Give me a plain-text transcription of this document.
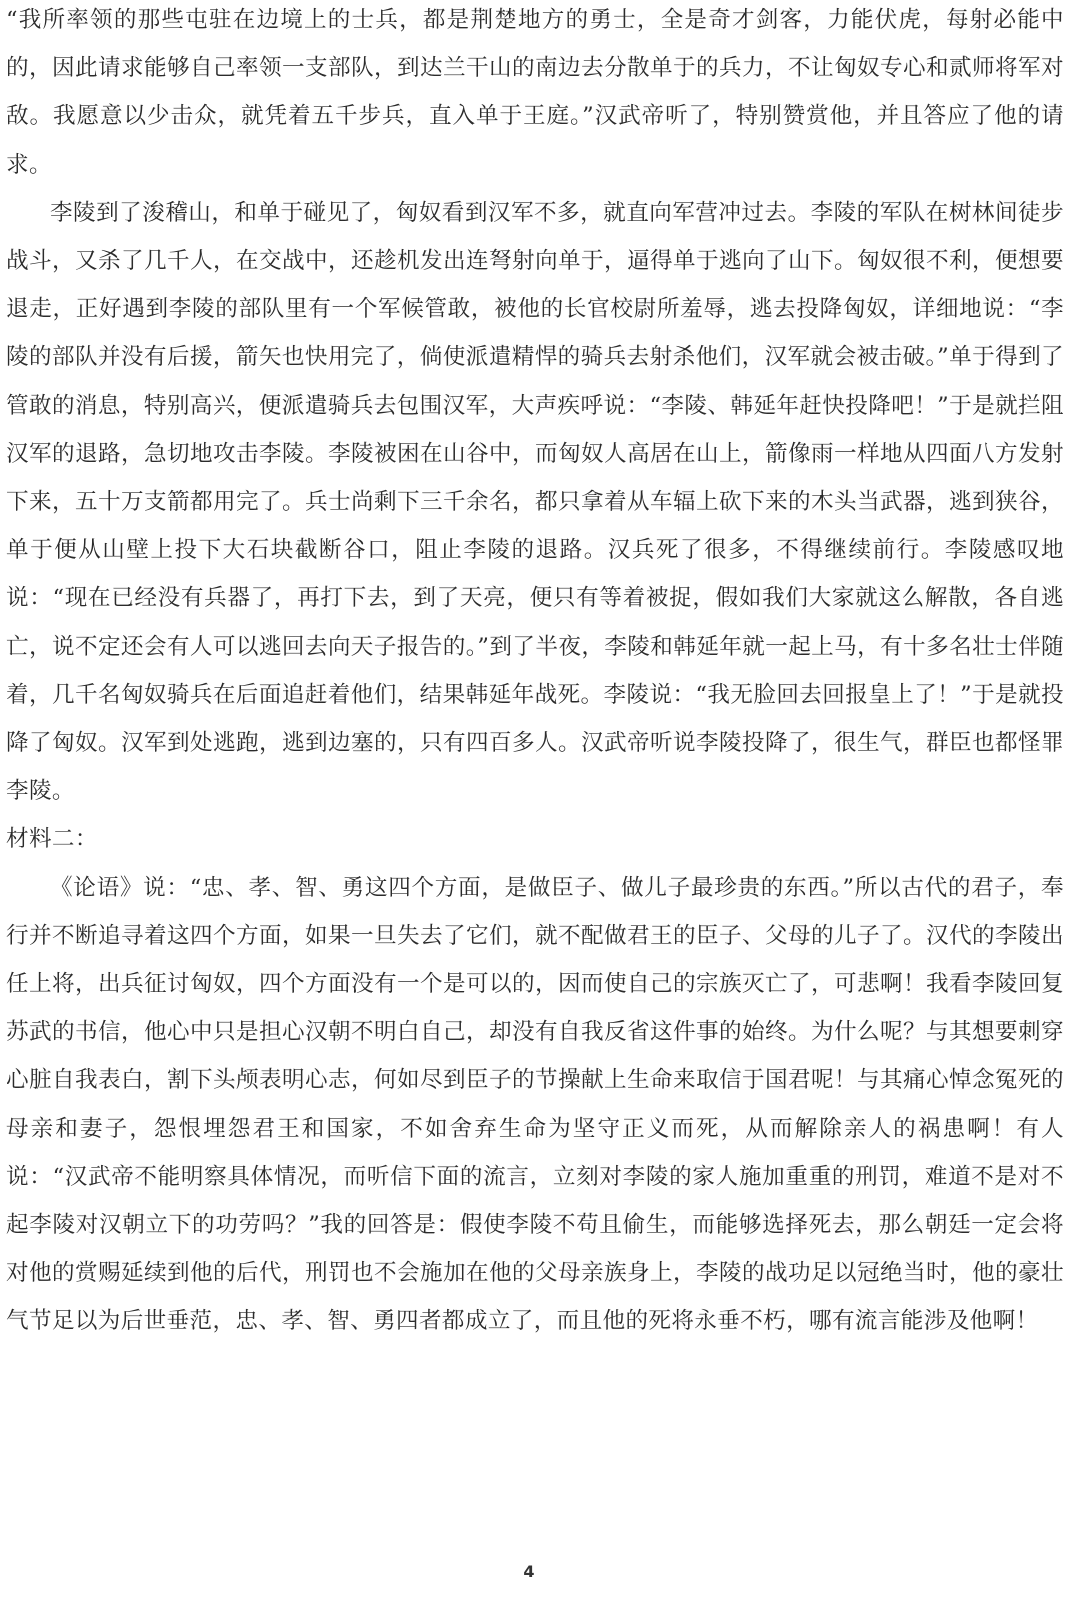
“我所率领的那些屯驻在边境上的士兵，都是荆楚地方的勇士，全是奇才剑客，力能伏虎，每射必能中的，因此请求能够自己率领一支部队，到达兰干山的南边去分散单于的兵力，不让匈奴专心和贰师将军对敌。我愿意以少击众，就凭着五千步兵，直入单于王庭。”汉武帝听了，特别赞赏他，并且答应了他的请求。

李陵到了浚稽山，和单于碰见了，匈奴看到汉军不多，就直向军营冲过去。李陵的军队在树林间徒步战斗，又杀了几千人，在交战中，还趁机发出连弩射向单于，逼得单于逃向了山下。匈奴很不利，便想要退走，正好遇到李陵的部队里有一个军候管敢，被他的长官校尉所羞辱，逃去投降匈奴，详细地说：“李陵的部队并没有后援，箭矢也快用完了，倘使派遣精悍的骑兵去射杀他们，汉军就会被击破。”单于得到了管敢的消息，特别高兴，便派遣骑兵去包围汉军，大声疾呼说：“李陵、韩延年赶快投降吧！”于是就拦阻汉军的退路，急切地攻击李陵。李陵被困在山谷中，而匈奴人高居在山上，箭像雨一样地从四面八方发射下来，五十万支箭都用完了。兵士尚剩下三千余名，都只拿着从车辐上砍下来的木头当武器，逃到狭谷，单于便从山壁上投下大石块截断谷口，阻止李陵的退路。汉兵死了很多，不得继续前行。李陵感叹地说：“现在已经没有兵器了，再打下去，到了天亮，便只有等着被捉，假如我们大家就这么解散，各自逃亡，说不定还会有人可以逃回去向天子报告的。”到了半夜，李陵和韩延年就一起上马，有十多名壮士伴随着，几千名匈奴骑兵在后面追赶着他们，结果韩延年战死。李陵说：“我无脸回去回报皇上了！”于是就投降了匈奴。汉军到处逃跑，逃到边塞的，只有四百多人。汉武帝听说李陵投降了，很生气，群臣也都怪罪李陵。

材料二：

《论语》说：“忠、孝、智、勇这四个方面，是做臣子、做儿子最珍贵的东西。”所以古代的君子，奉行并不断追寻着这四个方面，如果一旦失去了它们，就不配做君王的臣子、父母的儿子了。汉代的李陵出任上将，出兵征讨匈奴，四个方面没有一个是可以的，因而使自己的宗族灭亡了，可悲啊！我看李陵回复苏武的书信，他心中只是担心汉朝不明白自己，却没有自我反省这件事的始终。为什么呢？与其想要刺穿心脏自我表白，割下头颅表明心志，何如尽到臣子的节操献上生命来取信于国君呢！与其痛心悼念冤死的母亲和妻子，怨恨埋怨君王和国家，不如舍弃生命为坚守正义而死，从而解除亲人的祸患啊！有人说：“汉武帝不能明察具体情况，而听信下面的流言，立刻对李陵的家人施加重重的刑罚，难道不是对不起李陵对汉朝立下的功劳吗？”我的回答是：假使李陵不苟且偷生，而能够选择死去，那么朝廷一定会将对他的赏赐延续到他的后代，刑罚也不会施加在他的父母亲族身上，李陵的战功足以冠绝当时，他的豪壮气节足以为后世垂范，忠、孝、智、勇四者都成立了，而且他的死将永垂不朽，哪有流言能涉及他啊！

4
